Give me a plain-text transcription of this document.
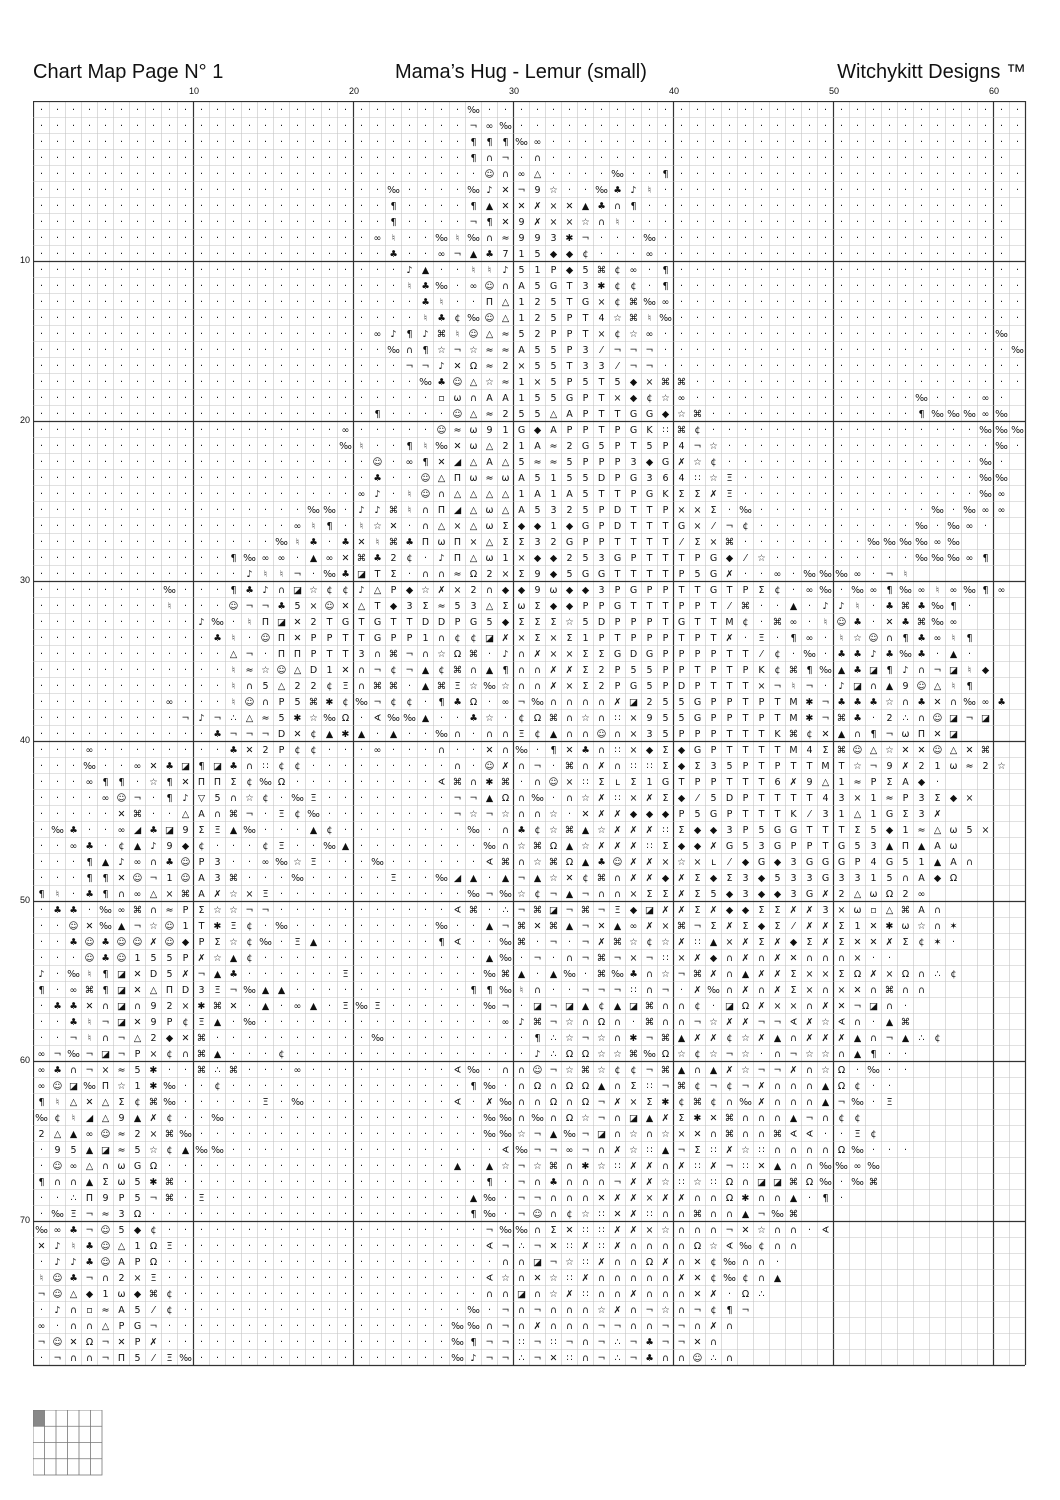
Chart Map Page N° 1	Mama’s Hug - Lemur (small)	Witchykitt Designs ™
10	20	30	40	50	60
10
20
30
40
50
60
70
· · · · · · · · · · · · · · · · · · · · · · · · · · · ‰ · · · · · · · · · · · · · · · · · · · · · · · · · · · · · · · · · ·
· · · · · · · · · · · · · · · · · · · · · · · · · · · ¬ ∞ ‰ · · · · · · · · · · · · · · · · · · · · · · · · · · · · · · · ·
· · · · · · · · · · · · · · · · · · · · · · · · · · · ¶ ¶ ¶ ‰ ∞ · · · · · · · · · · · · · · · · · · · · · · · · · · · · · ·
· · · · · · · · · · · · · · · · · · · · · · · · · · · ¶ ∩ ¬ · ∩ · · · · · · · · · · · · · · · · · · · · · · · · · · · · ·
· · · · · · · · · · · · · · · · · · · · · · · · · · · · ☺ ∩ ∞ △ · · · · ‰ · · ¶ · · · · · · · · · · · · · · · · · · · · · ·
· · · · · · · · · · · · · · · · · · · · · · ‰ · · · · ‰ ♪ ✕ ¬ 9 ☆ · · ‰ ♣ ♪ ♮ · · · · · · · · · · · · · · · · · · · · · · ·
· · · · · · · · · · · · · · · · · · · · · · ¶ · · · · ¶ ▲ ✕ ✕ ✗ × ✕ ▲ ♣ ∩ ¶ · · · · · · · · · · · · · · · · · · · · · · ·
· · · · · · · · · · · · · · · · · · · · · · ¶ · · · · ¬ ¶ ✕ 9 ✗ × × ☆ ∩ ♮ · · · · · · · · · · · · · · · · · · · · · · · ·
· · · · · · · · · · · · · · · · · · · · · ∞ ♮ · · ‰ ♮ ‰ ∩ ≈ 9 9 3 ✱ ¬ · · · ‰ · · · · · · · · · · · · · · · · · · · · · ·
· · · · · · · · · · · · · · · · · · · · · · ♣ · · ∞ ¬ ▲ ♣ 7 1 5 ◆ ◆ ¢ · · · ∞ · · · · · · · · · · · · · · · · · · · · · ·
· · · · · · · · · · · · · · · · · · · · · · · ♪ ▲ · · ♮ ♮ ♪ 5 1 P ◆ 5 ⌘ ¢ ∞ · ¶ · · · · · · · · · · · · · · · · · · · · · ·
· · · · · · · · · · · · · · · · · · · · · · · ♮ ♣ ‰ · ∞ ☺ ∩ A 5 G T 3 ✱ ¢ ¢ · ¶ · · · · · · · · · · · · · · · · · · · · · ·
· · · · · · · · · · · · · · · · · · · · · · · · ♣ ♮ · · Π △ 1 2 5 T G × ¢ ⌘ ‰ ∞ · · · · · · · · · · · · · · · · · · · · · ·
· · · · · · · · · · · · · · · · · · · · · · · · ♮ ♣ ¢ ‰ ☺ △ 1 2 5 P T 4 ☆ ⌘ ♮ ‰ · · · · · · · · · · · · · · · · · · · · · ·
· · · · · · · · · · · · · · · · · · · · · ∞ ♪ ¶ ♪ ⌘ ♮ ☺ △ ≈ 5 2 P P T × ¢ ☆ ∞ · · · · · · · · · · · · · · · · · · · · · ‰
· · · · · · · · · · · · · · · · · · · · · · ‰ ∩ ¶ ☆ ¬ ☆ ≈ ≈ A 5 5 P 3 ⁄ ¬ ¬ ¬ · · · · · · · · · · · · · · · · · · · · · · ‰
· · · · · · · · · · · · · · · · · · · · · · · ¬ ¬ ♪ ✕ Ω ≈ 2 × 5 5 T 3 3 ⁄ ¬ ¬ · · · · · · · · · · · · · · · · · · · · · · ·
· · · · · · · · · · · · · · · · · · · · · · · · ‰ ♣ ☺ △ ☆ ≈ 1 × 5 P 5 T 5 ◆ × ⌘ ⌘ · · · · · · · · · · · · · · · · · · · · ·
· · · · · · · · · · · · · · · · · · · · · · · · · ▫ ω ∩ A A 1 5 5 G P T × ◆ ¢ ☆ ∞ · · · · · · · · · · · · · · ‰ · · · ∞ ·
· · · · · · · · · · · · · · · · · · · · · ¶ · · · · ☺ △ ≈ 2 5 5 △ A P T T G G ◆ ☆ ⌘ · · · · · · · · · · · · · ¶ ‰ ‰ ‰ ∞ ‰
· · · · · · · · · · · · · · · · · · · ∞ · · · · · ☺ ≈ ω 9 1 G ◆ A P P T P G K ∷ ⌘ ¢ · · · · · · · · · · · · · · · · · ‰ ‰ ‰
· · · · · · · · · · · · · · · · · · · ‰ ♮ · · ¶ ♮ ‰ ✕ ω △ 2 1 A ≈ 2 G 5 P T 5 P 4 ¬ ☆ · · · · · · · · · · · · · · · · · ‰ ·
· · · · · · · · · · · · · · · · · · · · · ☺ · ∞ ¶ ✕ ◢ △ A △ 5 ≈ ≈ 5 P P P 3 ◆ G ✗ ☆ ¢ · · · · · · · · · · · · · · · · ‰ ·
· · · · · · · · · · · · · · · · · · · · · ♣ · · ☺ △ Π ω ≈ ω A 5 1 5 5 D P G 3 6 4 ∷ ☆ Ξ · · · · · · · · · · · · · · · ‰ ‰
· · · · · · · · · · · · · · · · · · · · ∞ ♪ · ♮ ☺ ∩ △ △ △ △ 1 A 1 A 5 T T P G K Σ Σ ✗ Ξ · · · · · · · · · · · · · · · ‰ ∞
· · · · · · · · · · · · · · · · · ‰ ‰ · ♪ ♪ ⌘ ♮ ∩ Π ◢ △ ω △ A 5 3 2 5 P D T T P × × Σ · ‰ · · · · · · · · · · · ‰ · ‰ ∞ ∞
· · · · · · · · · · · · · · · · ∞ ♮ ¶ · ♮ ☆ ✕ · ∩ △ × △ ω Σ ◆ ◆ 1 ◆ G P D T T T G × ⁄ ¬ ¢ · · · · · · · · · · ‰ · ‰ ∞ ·
· · · · · · · · · · · · · · · ‰ ♮ ♣ · ♣ ✕ ♮ ⌘ ♣ Π ω Π × △ Σ Σ 3 2 G P P T T T T ⁄ Σ × ⌘ · · · · · · · · ‰ ‰ ‰ ‰ ∞ ‰
· · · · · · · · · · · · ¶ ‰ ∞ ∞ · ▲ ∞ ✕ ⌘ ♣ 2 ¢ · ♪ Π △ ω 1 × ◆ ◆ 2 5 3 G P T T T P G ◆ ⁄ ☆ · · · · · · · · · ‰ ‰ ‰ ∞ ¶
· · · · · · · · · · · · · ♪ ♮ ♮ ¬ · ‰ ♣ ◪ T Σ · ∩ ∩ ≈ Ω 2 × Σ 9 ◆ 5 G G T T T T P 5 G ✗ · · ∞ · ‰ ‰ ‰ ∞ · ¬ ♮
· · · · · · · · ‰ · · · ¶ ♣ ♪ ∩ ◪ ☆ ¢ ¢ ♪ △ P ◆ ☆ ✗ × 2 ∩ ◆ ◆ 9 ω ◆ ◆ 3 P G P P T T G T P Σ ¢ · ∞ ‰ · ‰ ∞ ¶ ‰ ∞ ♮ ∞ ‰ ¶ ∞
· · · · · · · · ♮ · · · ☺ ¬ ¬ ♣ 5 × ☺ ✕ △ T ◆ 3 Σ ≈ 5 3 △ Σ ω Σ ◆ ◆ P P G T T T P P T ⁄ ⌘ · · ▲ · ♪ ♪ ♮ · ♣ ⌘ ♣ ‰ ¶ ·
· · · · · · · · · · ♪ ‰ · ♮ Π ◪ ✕ 2 T G T G T T D D P G 5 ◆ Σ Σ Σ ☆ 5 D P P P T G T T M ¢ · ⌘ ∞ · ♮ ☺ ♣ · ✕ ♣ ⌘ ‰ ∞
· · · · · · · · · · · ♣ ♮ · ☺ Π ✕ P P T T G P P 1 ∩ ¢ ¢ ◪ ✗ × Σ × Σ 1 P T P P P T P T ✗ · Ξ · ¶ ∞ · ♮ ☆ ☺ ∩ ¶ ♣ ∞ ♮ ¶
· · · · · · · · · · · · △ ¬ · Π Π P T T 3 ∩ ⌘ ¬ ∩ ☆ Ω ⌘ · ♪ ∩ ✗ × × Σ Σ G D G P P P P T T ⁄ ¢ · ‰ · ♣ ♣ ♪ ♣ ‰ ♣ · ▲ ·
· · · · · · · · · · · · ♮ ≈ ☆ ☺ △ D 1 ✕ ∩ ¬ ¢ ¬ ▲ ¢ ⌘ ∩ ▲ ¶ ∩ ∩ ✗ ✗ Σ 2 P 5 5 P P T P T P K ¢ ⌘ ¶ ‰ ▲ ♣ ◪ ¶ ♪ ∩ ¬ ◪ ♮ ◆
· · · · · · · · · · · · ♮ ∩ 5 △ 2 2 ¢ Ξ ∩ ⌘ ⌘ · ▲ ⌘ Ξ ☆ ‰ ☆ ∩ ∩ ✗ × Σ 2 P G 5 P D P T T T × ¬ ♮ ¬ · ♪ ◪ ∩ ▲ 9 ☺ △ ♮ ¶
· · · · · · · · ∞ · · · ♮ ☺ ∩ P 5 ⌘ ✱ ¢ ‰ ¬ ¢ ¢ · ¶ ♣ Ω · ∞ ¬ ‰ ∩ ∩ ∩ ∩ ✗ ◪ 2 5 5 G P P T P T M ✱ ¬ ♣ ♣ ♣ ☆ ∩ ♣ ✕ ∩ ‰ ∞ ♣
· · · · · · · · · ¬ ♪ ¬ ∴ △ ≈ 5 ✱ ☆ ‰ Ω · ∢ ‰ ‰ ▲ · · ♣ ☆ · ¢ Ω ⌘ ∩ ☆ ∩ ∷ × 9 5 5 G P P T P T M ✱ ¬ ⌘ ♣ · 2 ∴ ∩ ☺ ◪ ¬ ◪
· · · · · · · · · · · ♣ ¬ ¬ ¬ D ✕ ¢ ▲ ✱ ▲ · ▲ · · ‰ ∩ · ∩ ∩ Ξ ¢ ▲ ∩ ∩ ☺ ∩ × 3 5 P P P T T T K ⌘ ¢ ✕ ▲ ∩ ¶ ¬ ω Π ✕ ◪
· · · ∞ · · · · · · · · ♣ ✕ 2 P ¢ ¢ · · · ∞ · · · ∩ · · ✕ ∩ ‰ · ¶ ✕ ♣ ∩ ∷ × ◆ Σ ◆ G P T T T T M 4 Σ ⌘ ☺ △ ☆ ✕ ✕ ☺ △ ✕ ⌘
· · · ‰ · · ∞ ✕ ♣ ◪ ¶ ◪ ♣ ∩ ∷ ¢ ¢ · · · · · · · · · ∩ · ☺ ✗ ∩ ¬ · ⌘ ∩ ✗ ∩ ∷ ∷ Σ ◆ Σ 3 5 P T P T T M T ☆ ¬ 9 ✗ 2 1 ω ≈ 2 ☆
· · · ∞ ¶ ¶ · ☆ ¶ ✕ Π Π Σ ¢ ‰ Ω · · · · · · · · · ∢ ⌘ ∩ ✱ ⌘ · ∩ ☺ × ∷ Σ ʟ Σ 1 G T P P T T T 6 ✗ 9 △ 1 ≈ P Σ A ◆ ·
· · · · ∞ ☺ ¬ · ¶ ♪ ▽ 5 ∩ ☆ ¢ · ‰ Ξ · · · · · · · · ¬ ¬ ▲ Ω ∩ ‰ · ∩ ☆ ✗ ∷ × ✗ Σ ◆ ⁄ 5 D P T T T T 4 3 × 1 ≈ P 3 Σ ◆ ×
· · · · · ✕ ⌘ · · △ A ∩ ⌘ ¬ · Ξ ¢ ‰ · · · · · · · · ¬ ☆ ¬ ☆ ∩ ∩ ☆ · ✕ ✗ ✗ ◆ ◆ ◆ P 5 G P T T T K ⁄ 3 1 △ 1 G Σ 3 ✗
· ‰ ♣ · · ∞ ◢ ♣ ◪ 9 Σ Ξ ▲ ‰ · · · ▲ ¢ · · · · · · · · ‰ · ∩ ♣ ¢ ☆ ⌘ ▲ ☆ ✗ ✗ ✗ ∷ Σ ◆ ◆ 3 P 5 G G T T T Σ 5 ◆ 1 ≈ △ ω 5 ×
· · ∞ ♣ · ¢ ▲ ♪ 9 ◆ ¢ · · · ¢ Ξ · · ‰ ▲ · · · · · · · · ‰ ∩ ☆ ⌘ Ω ▲ ☆ ✗ ✗ ✗ ∷ Σ ◆ ◆ ✗ G 5 3 G P P T G 5 3 ▲ Π ▲ A ω
· · · ¶ ▲ ♪ ∞ ∩ ♣ ☺ P 3 · · ∞ ‰ ☆ Ξ · · · ‰ · · · · · · ∢ ⌘ ∩ ☆ ⌘ Ω ▲ ♣ ☺ ✗ ✗ × ☆ × ʟ ⁄ ◆ G ◆ 3 G G G P 4 G 5 1 ▲ A ∩
· · · ¶ ¶ ✕ ☺ ¬ 1 ☺ A 3 ⌘ · · · ‰ · · · · · Ξ · · ‰ ◢ ▲ · ▲ ¬ ▲ ☆ ✕ ¢ ⌘ ∩ ✗ ✗ ◆ ✗ Σ ◆ Σ 3 ◆ 5 3 3 G 3 3 1 5 ∩ A ◆ Ω
¶ ♮ · ♣ ¶ ∩ ∞ △ × ⌘ A ✗ ☆ × Ξ · · · · · · · · · · · · ‰ ¬ ‰ ☆ ¢ ¬ ▲ ¬ ∩ ∩ × Σ Σ ✗ Σ 5 ◆ 3 ◆ ◆ 3 G ✗ 2 △ ω Ω 2 ∞
· ♣ ♣ · ‰ ∞ ⌘ ∩ ≈ P Σ ☆ ☆ ¬ ¬ · · · · · · · · · · · ∢ ⌘ · ∴ ¬ ⌘ ◪ ¬ ⌘ ¬ Ξ ◆ ◪ ✗ ✗ Σ ✗ ◆ ◆ Σ Σ ✗ ✗ 3 × ω ▫ △ ⌘ A ∩
· · ☺ ✕ ‰ ▲ ¬ ☆ ☺ 1 T ✱ Ξ ¢ · ‰ · · · · · · · · · ‰ · · ▲ ¬ ⌘ ✕ ⌘ ▲ ¬ ✕ ▲ ∞ ✗ × ⌘ ¬ Σ ✗ Σ ◆ Σ ⁄ ✗ ✗ Σ 1 ✕ ✱ ω ☆ ∩ ✶
· · ♣ ☺ ♣ ☺ ☺ ✗ ☺ ◆ P Σ ☆ ¢ ‰ · Ξ ▲ · · · · · · · ¶ ∢ · · ‰ ⌘ · ¬ · ¬ ✗ ⌘ ☆ ¢ ☆ ✗ ∷ ▲ × ✗ Σ ✗ ◆ Σ ✗ Σ ✕ ✕ ✗ Σ ¢ ✶ ·
· · · ☺ ♣ ☺ 1 5 5 P ✗ ☆ ▲ ¢ · · · · · · · · · · · · · · ▲ ‰ · ¬ · ∩ ¬ ⌘ ¬ × ¬ ∷ × ✗ ◆ ∩ ✗ ∩ ✗ ✕ ∩ ∩ ∩ × · ·
♪ · ‰ ♮ ¶ ◪ ✕ D 5 ✗ ¬ ▲ ♣ · · · · · · Ξ · · · · · · · · ‰ ⌘ ▲ · ▲ ‰ · ⌘ ‰ ♣ ∩ ☆ ¬ ⌘ ✗ ∩ ▲ ✗ ✗ Σ × × Σ Ω ✗ × Ω ∩ ∴ ¢
¶ · ∞ ⌘ ¶ ◪ ✕ △ Π D 3 Ξ ¬ ‰ ▲ ▲ · · · · · · · · · · · ¶ ¶ ‰ ♮ ∩ · · ¬ ¬ ¬ ∷ ∩ ¬ · ✗ ‰ ∩ ✗ ∩ ✗ Σ × ∩ × ✕ ∩ ⌘ ∩ ∩
· ♣ ♣ ✕ ∩ ◪ ∩ 9 2 × ✱ ⌘ ✕ · ▲ · ∞ ▲ · Ξ ‰ Ξ · · · · · · ‰ ¬ · ◪ ¬ ◪ ▲ ¢ ▲ ◪ ⌘ ∩ ∩ ¢ · ◪ Ω ✗ × × ∩ ✗ ✕ ¬ ◪ ∩ ·
· · ♣ ♮ ¬ ◪ ✕ 9 P ¢ Ξ ▲ · ‰ · · · · · · · · · · · · · · · ∞ ♪ ⌘ ¬ ☆ ∩ Ω ∩ · ⌘ ∩ ∩ ¬ ☆ ✗ ✗ ¬ ¬ ∢ ✗ ☆ ∢ ∩ · ▲ ⌘
· · ¬ ♮ ∩ ¬ △ 2 ◆ ✕ ⌘ · · · · · · · · · · ‰ · · · · · · · · · ¶ ∴ ☆ ¬ ☆ ∩ ✱ ¬ ⌘ ▲ ✗ ✗ ¢ ☆ ✗ ▲ ∩ ✗ ✗ ✗ ▲ ∩ ¬ ▲ ∴ ¢
∞ ¬ ‰ ¬ ◪ ¬ P × ¢ ∩ ⌘ ▲ · · · ¢ · · · · · · · · · · · · · · · ♪ ∴ Ω Ω ☆ ☆ ⌘ ‰ Ω ☆ ¢ ☆ ¬ ☆ · ∩ ¬ ☆ ☆ ∩ ▲ ¶ · ·
∞ ♣ ∩ ¬ × ≈ 5 ✱ · · ⌘ ∴ ⌘ · · · ∞ · · · · · · · · · ∢ ‰ · ∩ ∩ ☺ ¬ ☆ ⌘ ☆ ¢ ¢ ¬ ⌘ ▲ ∩ ▲ ✗ ☆ ¬ ¬ ✗ ∩ ☆ Ω · ‰ · ·
∞ ☺ ◪ ‰ Π ☆ 1 ✱ ‰ · · ¢ · · · · · · · · · · · · · · · ¶ ‰ · ∩ Ω ∩ Ω Ω ▲ ∩ Σ ∷ ¬ ⌘ ¢ ¬ ¢ ¬ ✗ ∩ ∩ ∩ ▲ Ω ¢ · ·
¶ ♮ △ ✕ △ Σ ¢ ⌘ ‰ · · · · · Ξ · ‰ · · · · · · · · · ∢ · ✗ ‰ ∩ ∩ Ω ∩ Ω ¬ ✗ × Σ ✱ ¢ ⌘ ¢ ∩ ‰ ✗ ∩ ∩ ∩ ▲ ¬ ‰ · Ξ
‰ ¢ ♮ ◢ △ 9 ▲ ✗ ¢ · · ‰ · · · · · · · · · · · · · · · · ‰ ‰ ∩ ‰ ∩ Ω ☆ ¬ ∩ ◪ ▲ ✗ Σ ✱ ✕ ⌘ ∩ ∩ ∩ ▲ ¬ ∩ ¢ ¢
2 △ ▲ ∞ ☺ ≈ 2 × ⌘ ‰ · · · · · · · · · · · · · · · · · · ‰ ‰ ☆ ¬ ▲ ‰ ¬ ◪ ∩ ☆ ∩ ☆ × ✕ ∩ ⌘ ∩ ∩ ⌘ ∢ ∢ · · Ξ ¢
· 9 5 ▲ ◪ ≈ 5 ☆ ¢ ▲ ‰ ‰ · · · · · · · · · · · · · · · · · ∢ ‰ ¬ ¬ ∞ ¬ ∩ ✗ ☆ ∷ ▲ ¬ Σ ∷ ✗ ☆ ∷ ∩ ∩ ∩ ∩ Ω ‰ · · ·
· ☺ ∞ △ ∩ ω G Ω · · · · · · · · · · · · · · · · · · ▲ · ▲ ☆ ¬ ☆ ⌘ ∩ ✱ ☆ ∷ ✗ ✗ ∩ ✗ ∷ ✗ ¬ ∷ ✕ ▲ ∩ ∩ ‰ ‰ ∞ ‰
¶ ∩ ∩ ▲ Σ ω 5 ✱ ⌘ · · · · · · · · · · · · · · · · · · · ¶ · ¬ ∩ ♣ ∩ ∩ ∩ ¬ ✗ ✗ ☆ ∷ ☆ ∷ Ω ∩ ◪ ◪ ⌘ Ω ‰ · ‰ ⌘
· · ∴ Π 9 P 5 ¬ ⌘ · Ξ · · · · · · · · · · · · · · · · ▲ ‰ · ¬ ¬ ∩ ∩ ∩ ✕ ✗ ✗ × ✗ ✗ ∩ ∩ Ω ✱ ∩ ∩ ▲ · ¶ ·
· ‰ Ξ ¬ ≈ 3 Ω · · · · · · · · · · · · · · · · · · · · ¶ ‰ · ¬ ☺ ∩ ¢ ☆ ∷ ✕ ✗ ∷ ∩ ∩ ⌘ ∩ ∩ ▲ ¬ ‰ ⌘
‰ ∞ ♣ ¬ ☺ 5 ◆ ¢ · · · · · · · · · · · · · · · · · · · · ¬ ‰ ‰ ∩ Σ ✕ ∷ ∷ ✗ ✗ × ☆ ∩ ∩ ∩ ¬ ✕ ☆ ∩ ∩ · ∢
✕ ♪ ♮ ♣ ☺ △ 1 Ω Ξ · · · · · · · · · · · · · · · · · · · ∢ ¬ ∴ ¬ ✕ ∷ ✗ ∷ ✗ ∩ ∩ ∩ ∩ Ω ☆ ∢ ‰ ¢ ∩ ∩
· ♪ ♪ ♣ ☺ A P Ω · · · · · · · · · · · · · · · · · · · · · ∩ ∩ ◪ ¬ ☆ ∷ ✗ ∩ ∩ Ω ✗ ∩ ✕ ¢ ‰ ∩ ∩ ·
♮ ☺ ♣ ¬ ∩ 2 × Ξ · · · · · · · · · · · · · · · · · · · · ∢ ☆ ∩ ✕ ☆ ∷ ✗ ∩ ∩ ∩ ∩ ∩ ✗ ✕ ¢ ‰ ¢ ∩ ▲
¬ ☺ △ ◆ 1 ω ◆ ⌘ ¢ · · · · · · · · · · · · · · · · · · · ∩ ∩ ◪ ∩ ☆ ✗ ∷ ∩ ∩ ✗ ∩ ∩ ∩ ✕ ✗ · Ω ∴
· ♪ ∩ ▫ ≈ A 5 ⁄ ¢ · · · · · · · · · · · · · · · · · · ‰ · ¬ ∩ ¬ ∩ ∩ ∩ ☆ ✗ ∩ ¬ ☆ ∩ ¬ ¢ ¶ ¬
∞ · ∩ ∩ △ P G ¬ · · · · · · · · · · · · · · · · · · ‰ ‰ ∩ ¬ ∩ ✗ ∩ ∩ ∩ ¬ ¬ ∩ ∩ ¬ ¬ ∩ ✗ ∩
¬ ☺ ✕ Ω ¬ ✕ P ✗ · · · · · · · · · · · · · · · · · · ‰ ¶ ¬ ¬ ∷ ¬ ∷ ¬ ∩ ¬ ∴ ¬ ♣ ¬ ¬ ✕ ∩
· ¬ ∩ ∩ ¬ Π 5 ⁄ Ξ ‰ · · · · · · · · · · · · · · · · ‰ ♪ ¬ ¬ ∴ ¬ ✕ ∷ ∩ ¬ ∴ ¬ ♣ ∩ ∩ ☺ ∴ ∩
